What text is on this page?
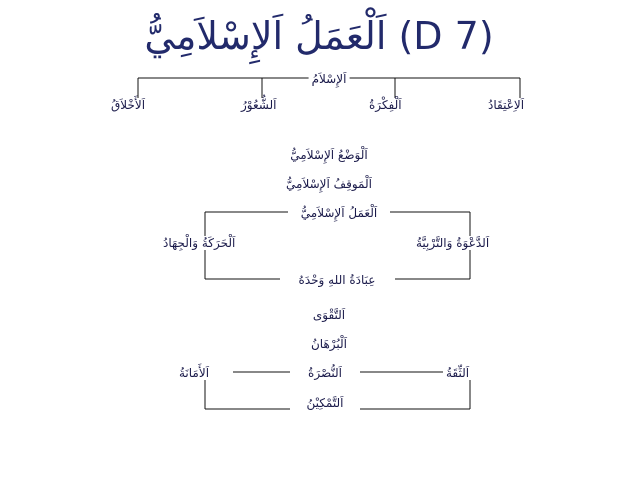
اَلْعَمَلُ اَلإِسْلاَمِيُّ (D 7)
اَلإِسْلاَمُ
اَلاِعْتِقَادُ
اَلْفِكْرَةُ
اَلشُّعُوْرُ
اَلأَخْلاَقُ
اَلْوَضْعُ اَلإِسْلاَمِيُّ
اَلْمَوقِفُ اَلإِسْلاَمِيُّ
اَلْعَمَلُ اَلإِسْلاَمِيُّ
اَلدَّعْوَةُ وَالتَّرْبِيَّةُ
اَلْحَرَكَةُ وَالْجِهَادُ
عِبَادَةُ اللهِ وَحْدَهُ
اَلتَّقْوَى
اَلْبُرْهَانُ
اَلثِّقَةُ
اَلنُّصْرَةُ
اَلأَمَانَةُ
اَلتَّمْكِيْنُ
